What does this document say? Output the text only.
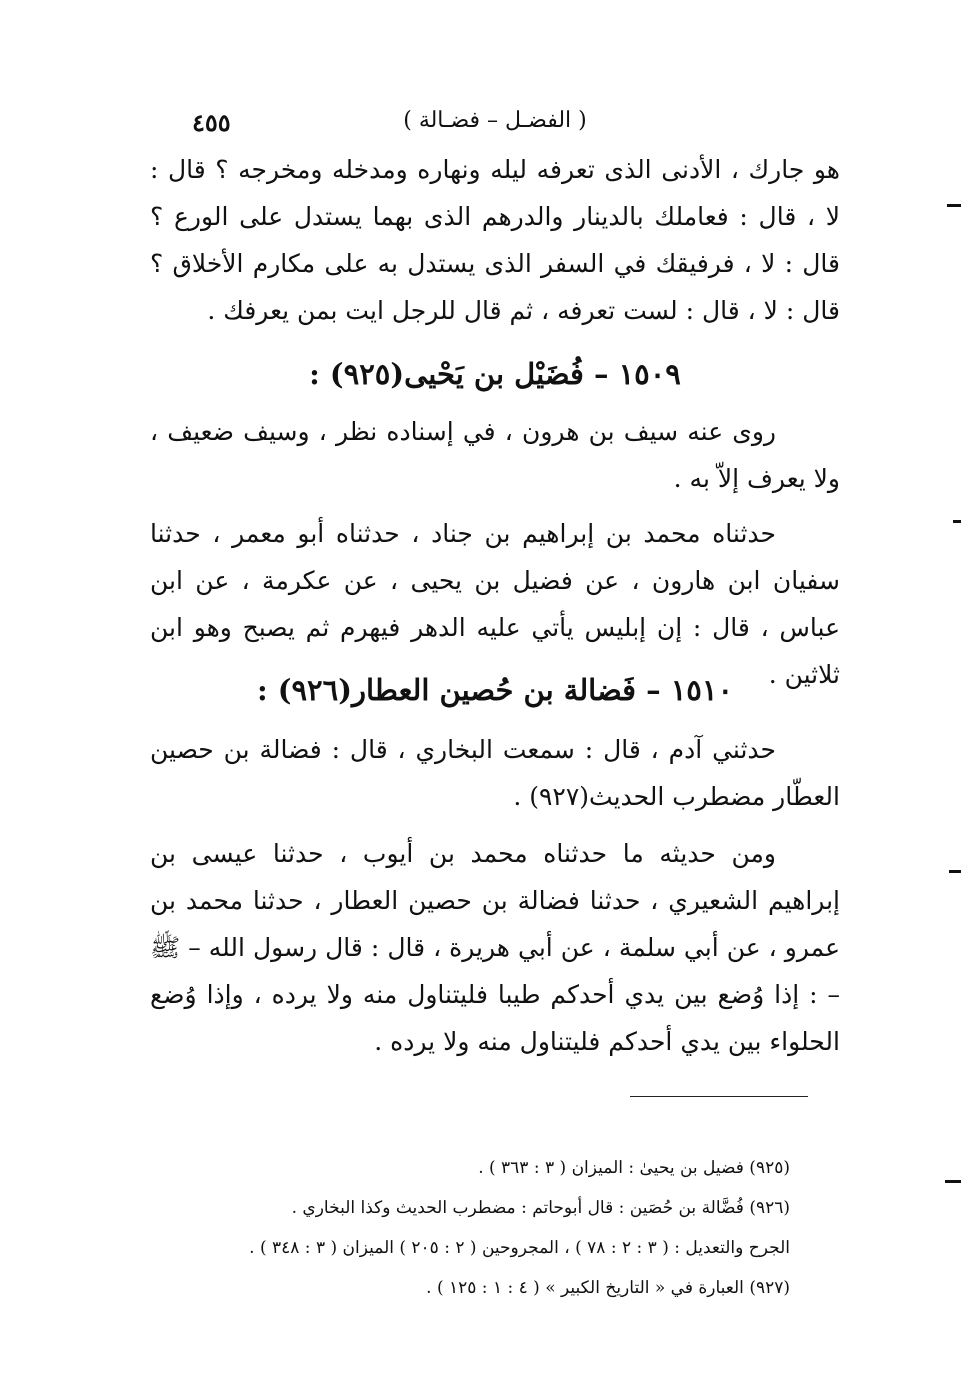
٤٥٥	( الفضـل – فضـالة )

هو جارك ، الأدنى الذى تعرفه ليله ونهاره ومدخله ومخرجه ؟ قال : لا ، قال : فعاملك بالدينار والدرهم الذى بهما يستدل على الورع ؟ قال : لا ، فرفيقك في السفر الذى يستدل به على مكارم الأخلاق ؟ قال : لا ، قال : لست تعرفه ، ثم قال للرجل ايت بمن يعرفك .

١٥٠٩ – فُضَيْل بن يَحْيى(٩٢٥) :

روى عنه سيف بن هرون ، في إسناده نظر ، وسيف ضعيف ، ولا يعرف إلاّ به .

حدثناه محمد بن إبراهيم بن جناد ، حدثناه أبو معمر ، حدثنا سفيان ابن هارون ، عن فضيل بن يحيى ، عن عكرمة ، عن ابن عباس ، قال : إن إبليس يأتي عليه الدهر فيهرم ثم يصبح وهو ابن ثلاثين .

١٥١٠ – فَضالة بن حُصين العطار(٩٢٦) :

حدثني آدم ، قال : سمعت البخاري ، قال : فضالة بن حصين العطّار مضطرب الحديث(٩٢٧) .

ومن حديثه ما حدثناه محمد بن أيوب ، حدثنا عيسى بن إبراهيم الشعيري ، حدثنا فضالة بن حصين العطار ، حدثنا محمد بن عمرو ، عن أبي سلمة ، عن أبي هريرة ، قال : قال رسول الله – ﷺ – : إذا وُضع بين يدي أحدكم طيبا فليتناول منه ولا يرده ، وإذا وُضع الحلواء بين يدي أحدكم فليتناول منه ولا يرده .

(٩٢٥) فضيل بن يحيىٰ : الميزان ( ٣ : ٣٦٣ ) .

(٩٢٦) فُضَّالة بن حُصَين : قال أبوحاتم : مضطرب الحديث وكذا البخاري .

الجرح والتعديل : ( ٣ : ٢ : ٧٨ ) ، المجروحين ( ٢ : ٢٠٥ ) الميزان ( ٣ : ٣٤٨ ) .

(٩٢٧) العبارة في « التاريخ الكبير » ( ٤ : ١ : ١٢٥ ) .
